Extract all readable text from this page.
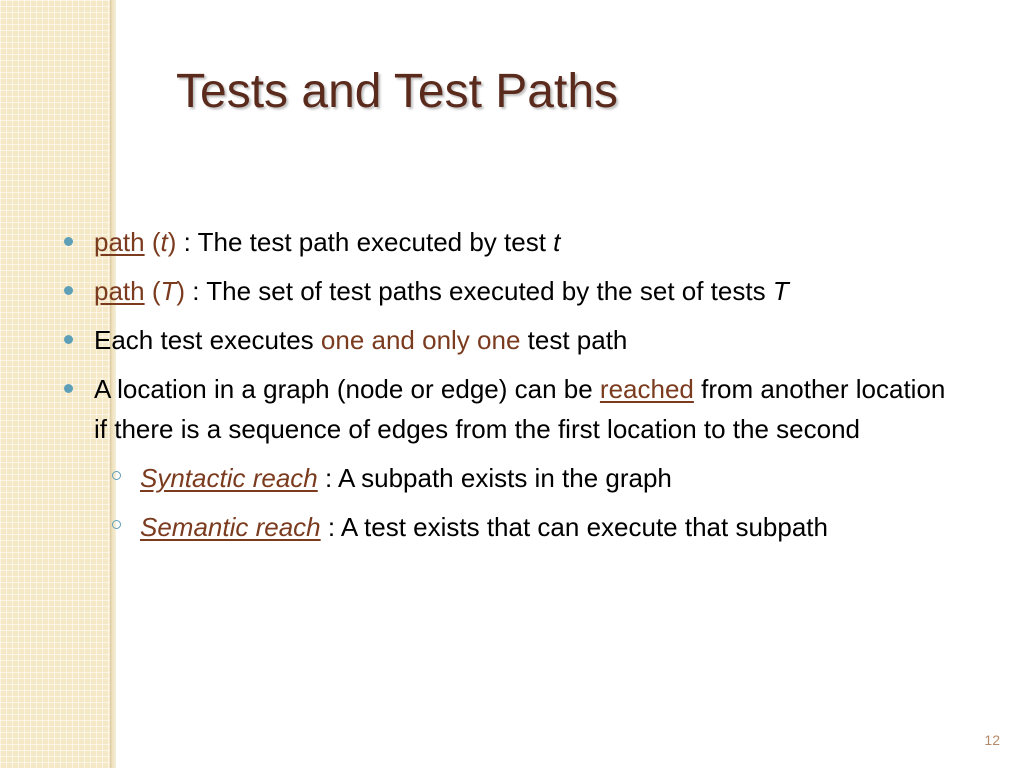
Tests and Test Paths
path (t) : The test path executed by test t
path (T) : The set of test paths executed by the set of tests T
Each test executes one and only one test path
A location in a graph (node or edge) can be reached from another location if there is a sequence of edges from the first location to the second
Syntactic reach : A subpath exists in the graph
Semantic reach : A test exists that can execute that subpath
12
